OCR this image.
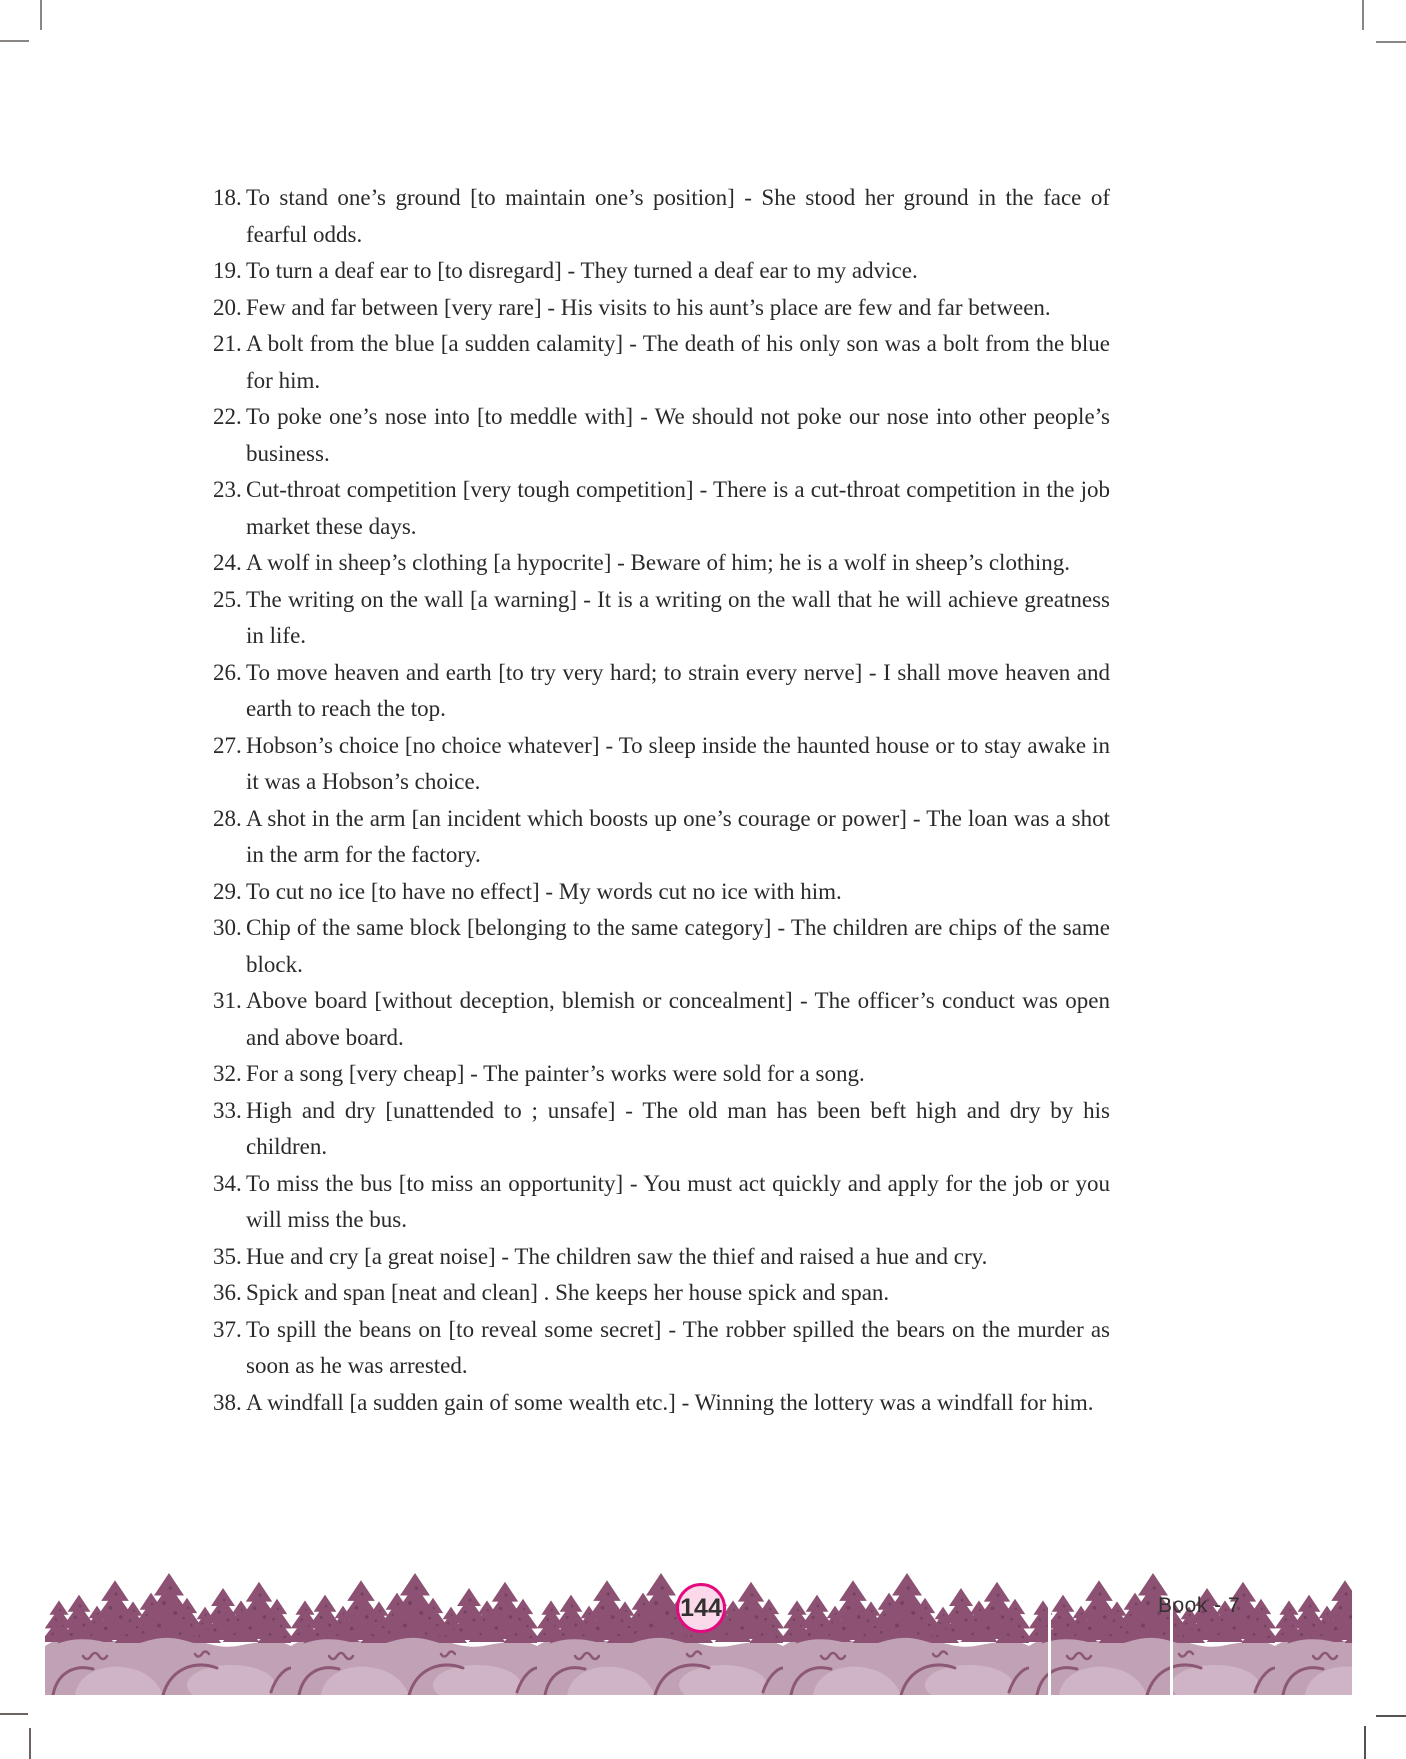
18. To stand one’s ground [to maintain one’s position] - She stood her ground in the face of fearful odds.
19. To turn a deaf ear to [to disregard] - They turned a deaf ear to my advice.
20. Few and far between [very rare] - His visits to his aunt’s place are few and far between.
21. A bolt from the blue [a sudden calamity] - The death of his only son was a bolt from the blue for him.
22. To poke one’s nose into [to meddle with] - We should not poke our nose into other people’s business.
23. Cut-throat competition [very tough competition] - There is a cut-throat competition in the job market these days.
24. A wolf in sheep’s clothing [a hypocrite] - Beware of him; he is a wolf in sheep’s clothing.
25. The writing on the wall [a warning] - It is a writing on the wall that he will achieve greatness in life.
26. To move heaven and earth [to try very hard; to strain every nerve] - I shall move heaven and earth to reach the top.
27. Hobson’s choice [no choice whatever] - To sleep inside the haunted house or to stay awake in it was a Hobson’s choice.
28. A shot in the arm [an incident which boosts up one’s courage or power] - The loan was a shot in the arm for the factory.
29. To cut no ice [to have no effect] - My words cut no ice with him.
30. Chip of the same block [belonging to the same category] - The children are chips of the same block.
31. Above board [without deception, blemish or concealment] - The officer’s conduct was open and above board.
32. For a song [very cheap] - The painter’s works were sold for a song.
33. High and dry [unattended to ; unsafe] - The old man has been beft high and dry by his children.
34. To miss the bus [to miss an opportunity] - You must act quickly and apply for the job or you will miss the bus.
35. Hue and cry [a great noise] - The children saw the thief and raised a hue and cry.
36. Spick and span [neat and clean] . She keeps her house spick and span.
37. To spill the beans on [to reveal some secret] - The robber spilled the bears on the murder as soon as he was arrested.
38. A windfall [a sudden gain of some wealth etc.] - Winning the lottery was a windfall for him.
144	Book - 7
